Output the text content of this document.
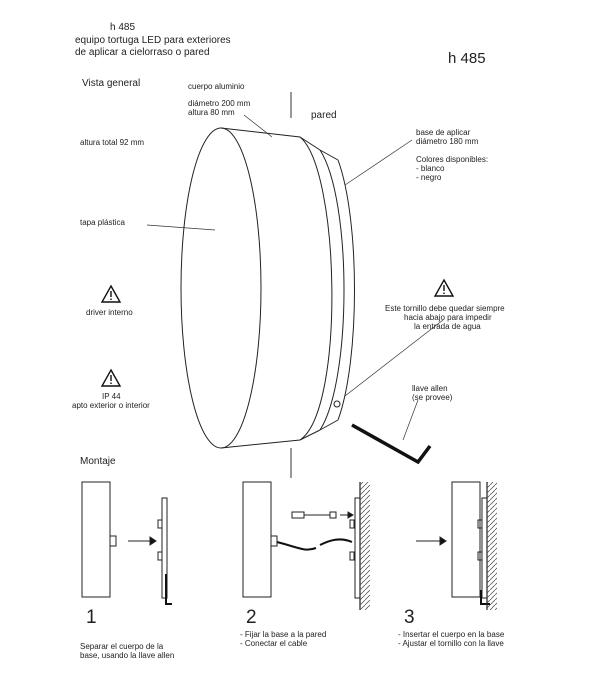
h 485
equipo tortuga LED para exteriores
de aplicar a cielorraso o pared	h 485
Vista general	cuerpo aluminio
diámetro 200 mm
altura 80 mm	pared
altura total 92 mm
base de aplicar
diámetro 180 mm
Colores disponibles:
- blanco
- negro
tapa plástica
driver interno
IP 44
apto exterior o interior
Este tornillo debe quedar siempre
hacia abajo para impedir
la entrada de agua
llave allen
(se provee)
Montaje
1
Separar el cuerpo de la
base, usando la llave allen
2
- Fijar la base a la pared
- Conectar el cable
3
- Insertar el cuerpo en la base
- Ajustar el tornillo con la llave
